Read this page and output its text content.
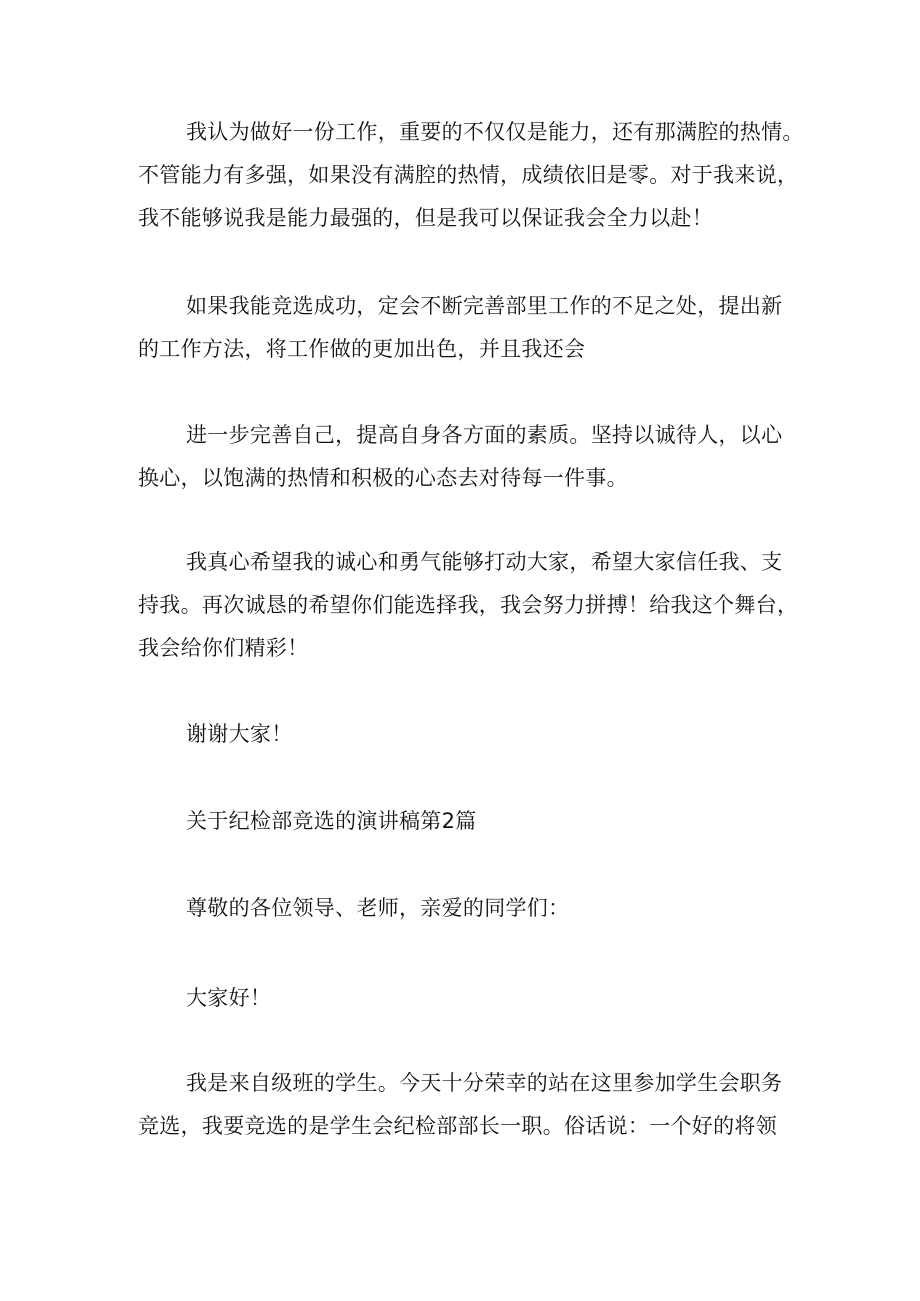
我认为做好一份工作，重要的不仅仅是能力，还有那满腔的热情。
不管能力有多强，如果没有满腔的热情，成绩依旧是零。对于我来说，
我不能够说我是能力最强的，但是我可以保证我会全力以赴！
如果我能竞选成功，定会不断完善部里工作的不足之处，提出新
的工作方法，将工作做的更加出色，并且我还会
进一步完善自己，提高自身各方面的素质。坚持以诚待人，以心
换心，以饱满的热情和积极的心态去对待每一件事。
我真心希望我的诚心和勇气能够打动大家，希望大家信任我、支
持我。再次诚恳的希望你们能选择我，我会努力拼搏！给我这个舞台，
我会给你们精彩！
谢谢大家！
关于纪检部竞选的演讲稿第2篇
尊敬的各位领导、老师，亲爱的同学们：
大家好！
我是来自级班的学生。今天十分荣幸的站在这里参加学生会职务
竞选，我要竞选的是学生会纪检部部长一职。俗话说：一个好的将领
